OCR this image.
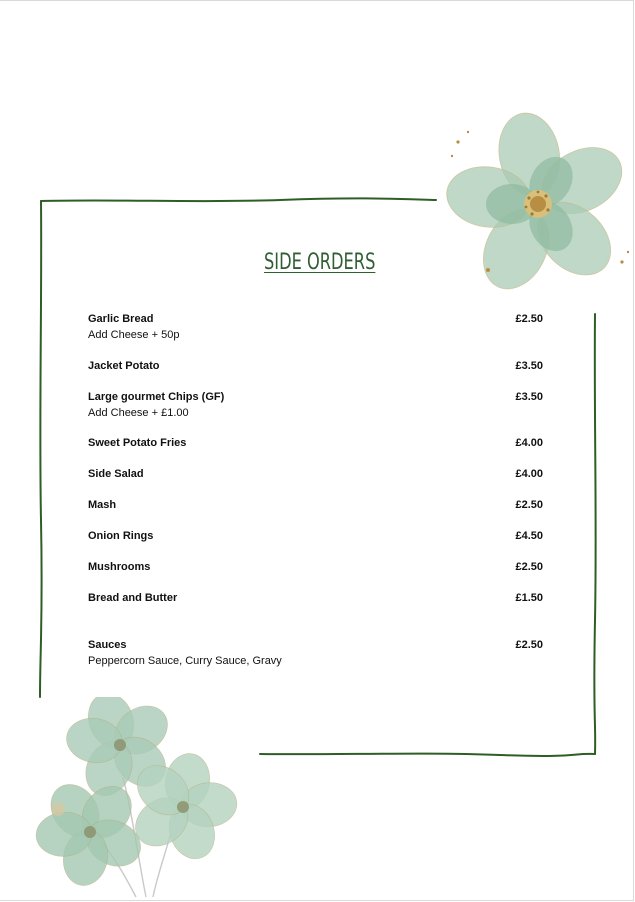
SIDE ORDERS
Garlic Bread	£2.50
Add Cheese + 50p
Jacket Potato	£3.50
Large gourmet Chips (GF)	£3.50
Add Cheese + £1.00
Sweet Potato Fries	£4.00
Side Salad	£4.00
Mash	£2.50
Onion Rings	£4.50
Mushrooms	£2.50
Bread and Butter	£1.50
Sauces	£2.50
Peppercorn Sauce, Curry Sauce, Gravy
